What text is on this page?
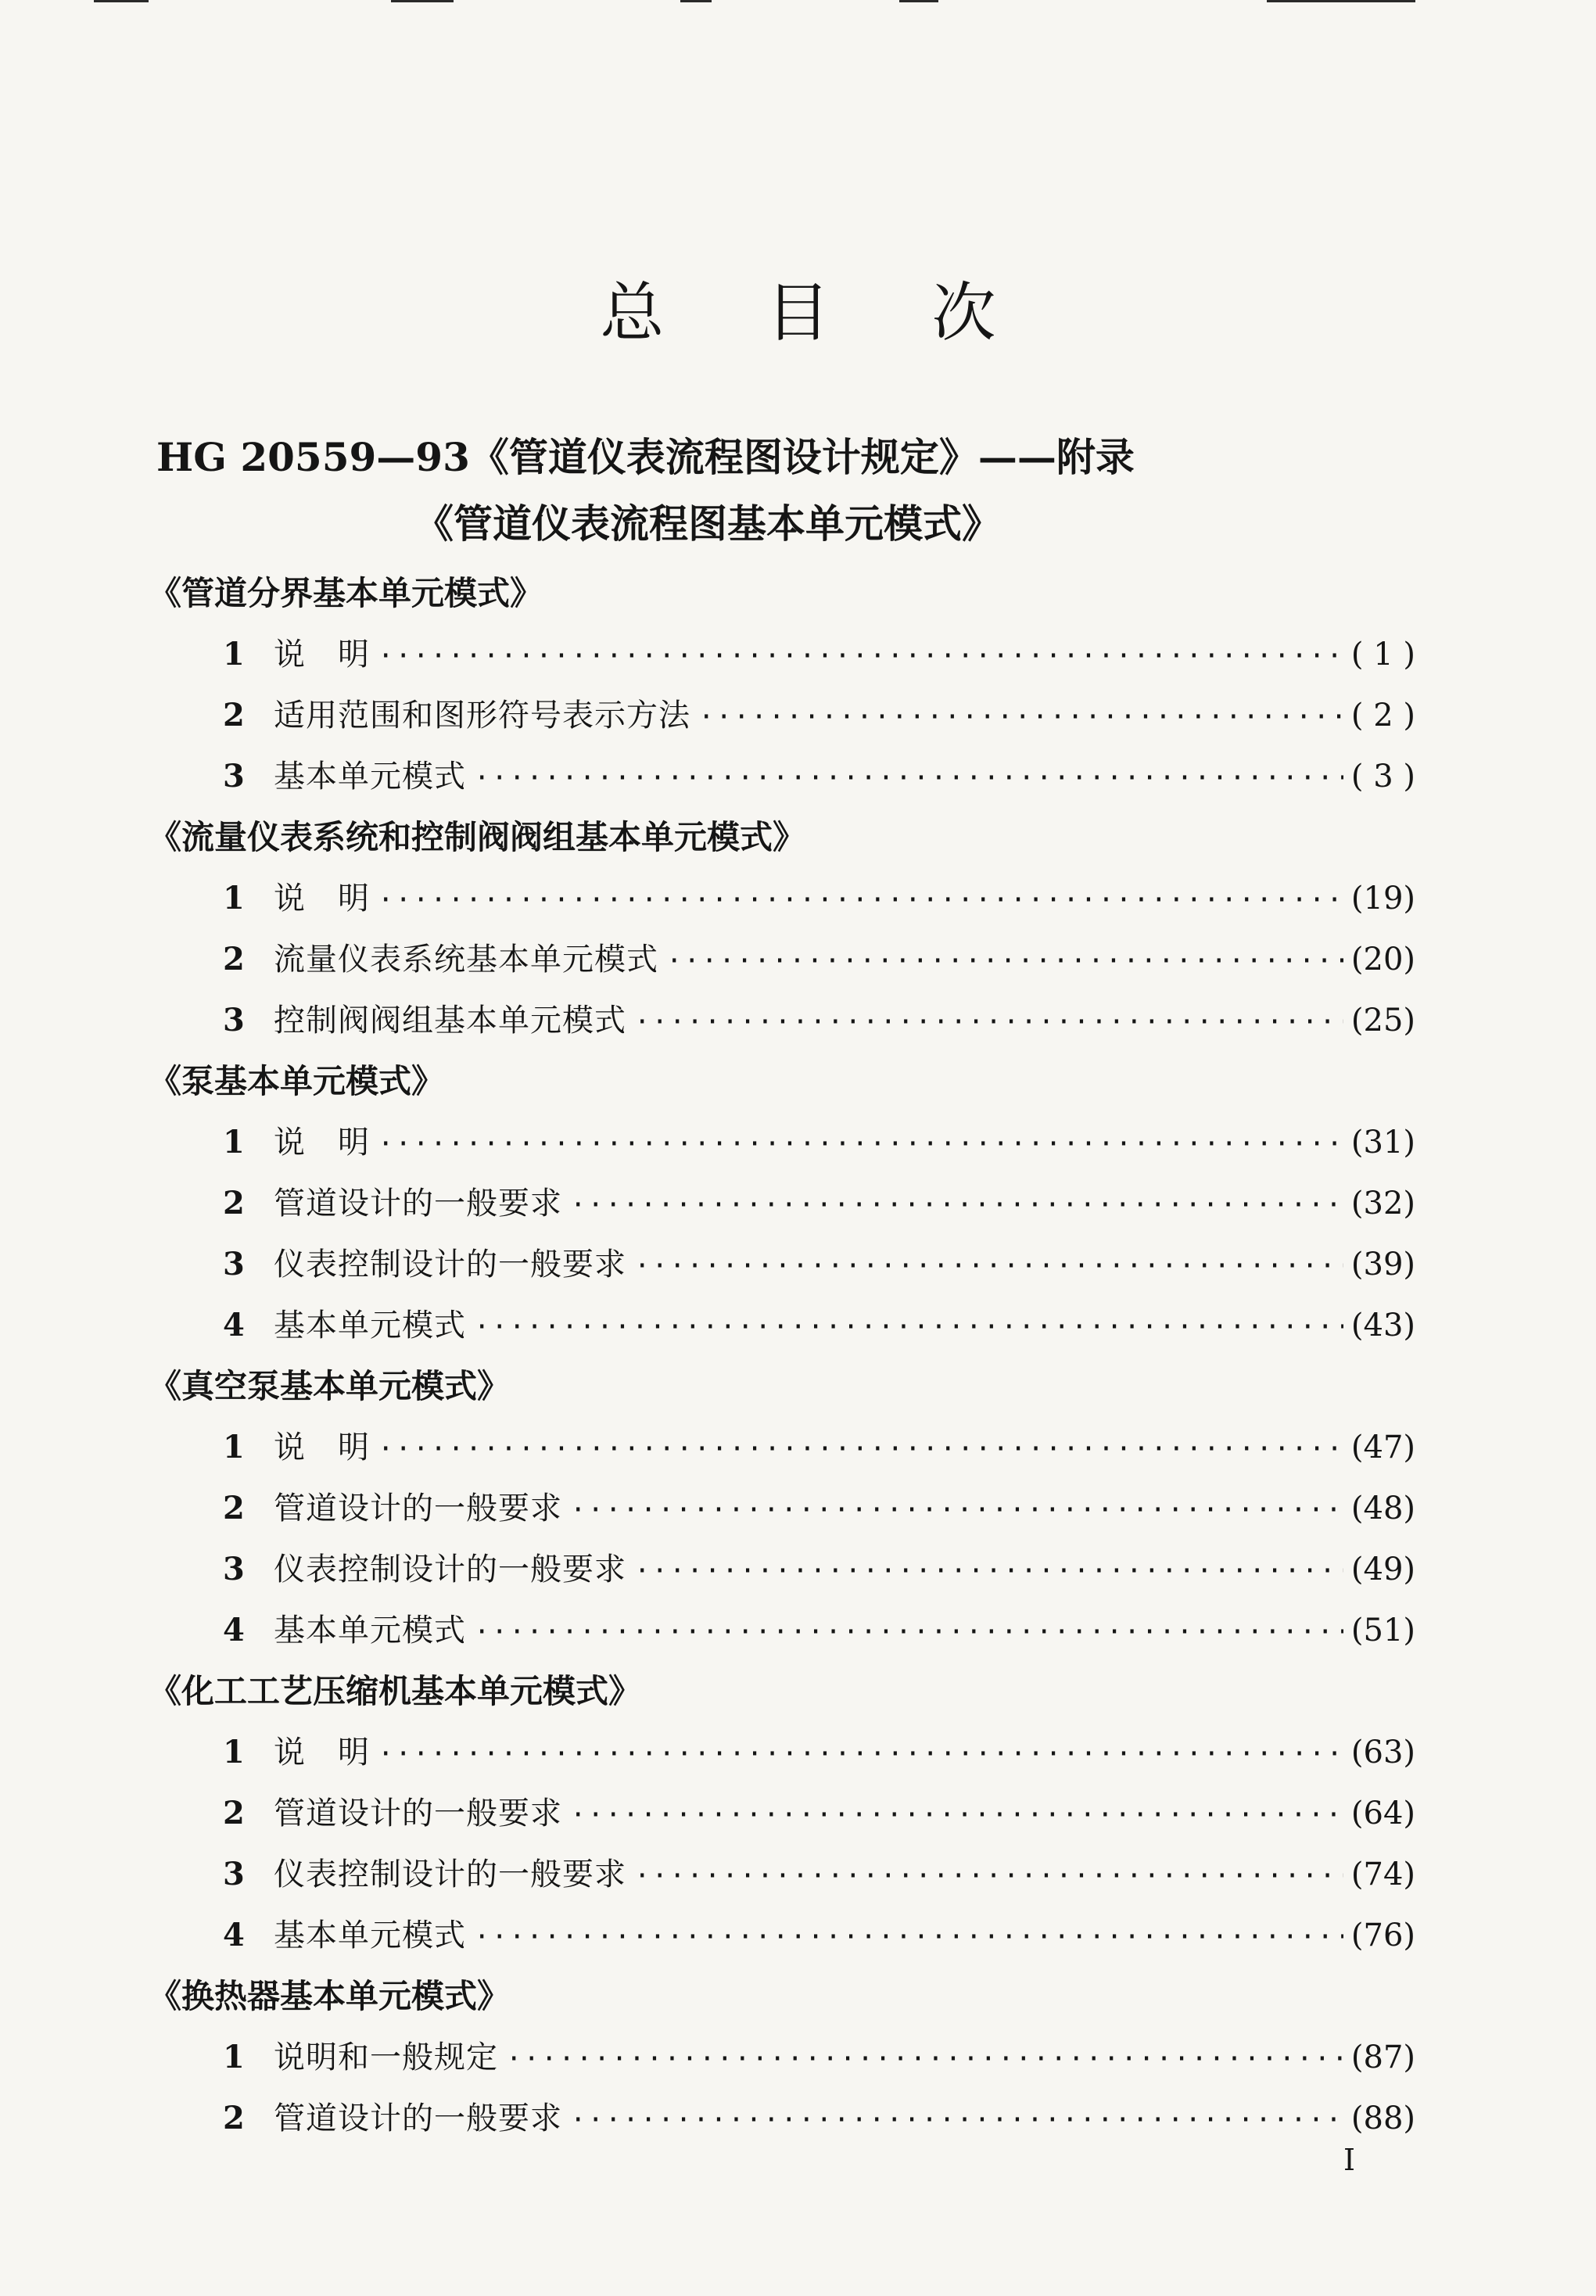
总 目 次
HG 20559—93《管道仪表流程图设计规定》——附录
《管道仪表流程图基本单元模式》
《管道分界基本单元模式》
1 说　明 ·····	( 1 )
2 适用范围和图形符号表示方法 ·····	( 2 )
3 基本单元模式 ·····	( 3 )
《流量仪表系统和控制阀阀组基本单元模式》
1 说　明 ·····	(19)
2 流量仪表系统基本单元模式 ·····	(20)
3 控制阀阀组基本单元模式 ·····	(25)
《泵基本单元模式》
1 说　明 ·····	(31)
2 管道设计的一般要求 ·····	(32)
3 仪表控制设计的一般要求 ·····	(39)
4 基本单元模式 ·····	(43)
《真空泵基本单元模式》
1 说　明 ·····	(47)
2 管道设计的一般要求 ·····	(48)
3 仪表控制设计的一般要求 ·····	(49)
4 基本单元模式 ·····	(51)
《化工工艺压缩机基本单元模式》
1 说　明 ·····	(63)
2 管道设计的一般要求 ·····	(64)
3 仪表控制设计的一般要求 ·····	(74)
4 基本单元模式 ·····	(76)
《换热器基本单元模式》
1 说明和一般规定 ·····	(87)
2 管道设计的一般要求 ·····	(88)
I
